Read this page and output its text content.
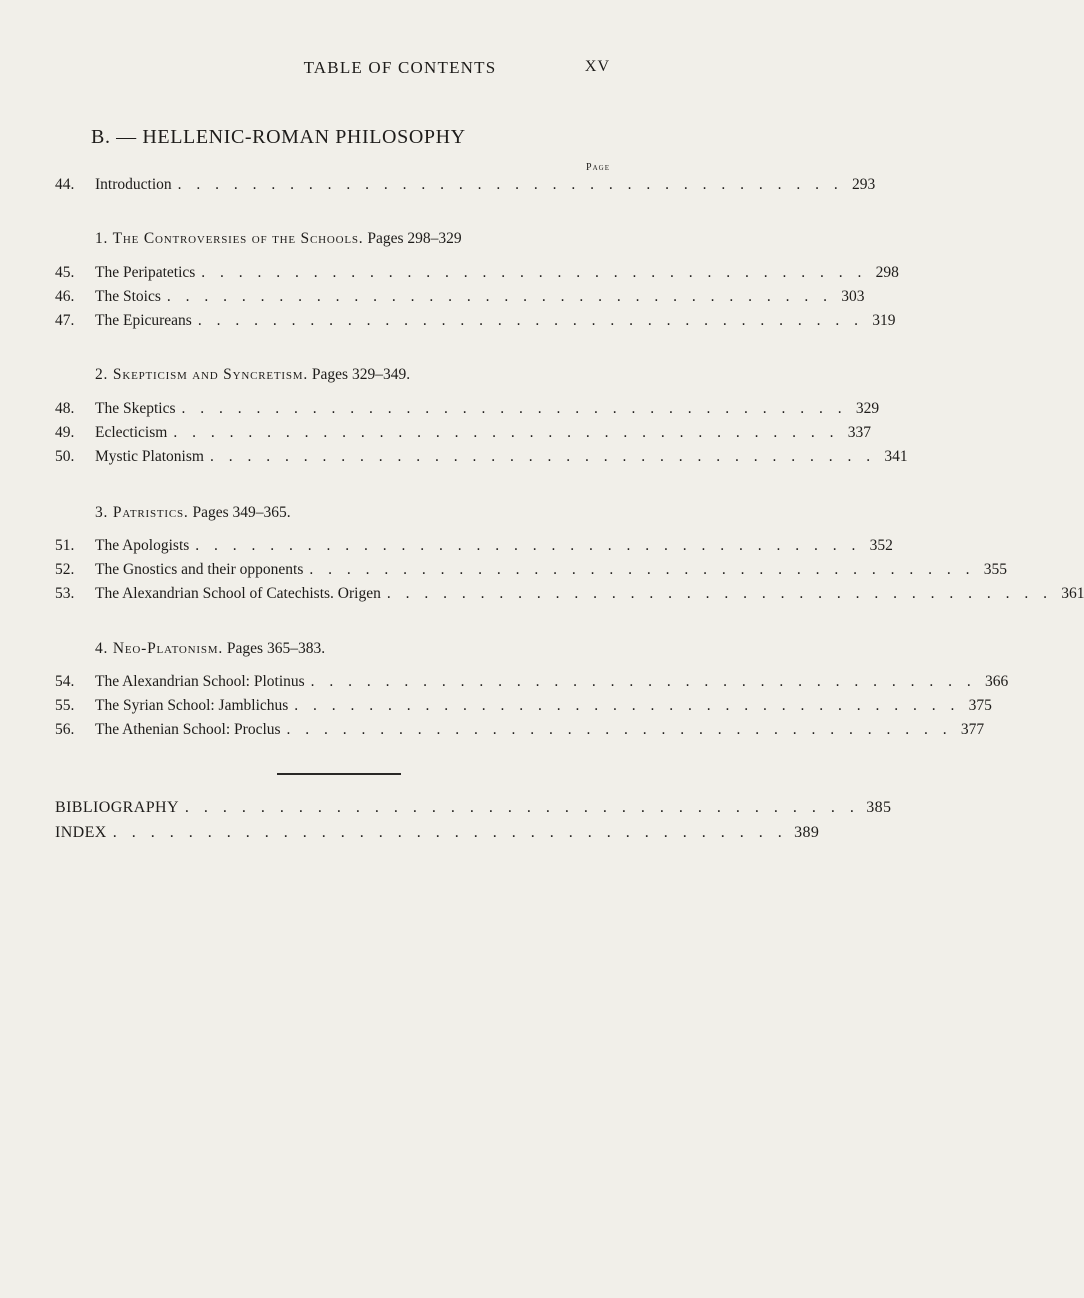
TABLE OF CONTENTS	XV
B. — HELLENIC-ROMAN PHILOSOPHY
Page
44.	Introduction . . . . . . . . . . . . . . . . . . . . . . . . . . . . . . . . . . . . 293
1. The Controversies of the Schools. Pages 298–329
45.	The Peripatetics . . . . . . . . . . . . . . . . . . . . . . . . . . . . . . . . . . . . 298
46.	The Stoics . . . . . . . . . . . . . . . . . . . . . . . . . . . . . . . . . . . . 303
47.	The Epicureans . . . . . . . . . . . . . . . . . . . . . . . . . . . . . . . . . . . . 319
2. Skepticism and Syncretism. Pages 329–349.
48.	The Skeptics . . . . . . . . . . . . . . . . . . . . . . . . . . . . . . . . . . . . 329
49.	Eclecticism . . . . . . . . . . . . . . . . . . . . . . . . . . . . . . . . . . . . 337
50.	Mystic Platonism . . . . . . . . . . . . . . . . . . . . . . . . . . . . . . . . . . . . 341
3. Patristics. Pages 349–365.
51.	The Apologists . . . . . . . . . . . . . . . . . . . . . . . . . . . . . . . . . . . . 352
52.	The Gnostics and their opponents . . . . . . . . . . . . . . . . . . . . . . . . . . . . . . . . . . . . 355
53.	The Alexandrian School of Catechists. Origen . . . . . . . . . . . . . . . . . . . . . . . . . . . . . . . . . . . . 361
4. Neo-Platonism. Pages 365–383.
54.	The Alexandrian School: Plotinus . . . . . . . . . . . . . . . . . . . . . . . . . . . . . . . . . . . . 366
55.	The Syrian School: Jamblichus . . . . . . . . . . . . . . . . . . . . . . . . . . . . . . . . . . . . 375
56.	The Athenian School: Proclus . . . . . . . . . . . . . . . . . . . . . . . . . . . . . . . . . . . . 377
BIBLIOGRAPHY . . . . . . . . . . . . . . . . . . . . . . . . . . . . . . . . . . . . 385
INDEX . . . . . . . . . . . . . . . . . . . . . . . . . . . . . . . . . . . . 389
